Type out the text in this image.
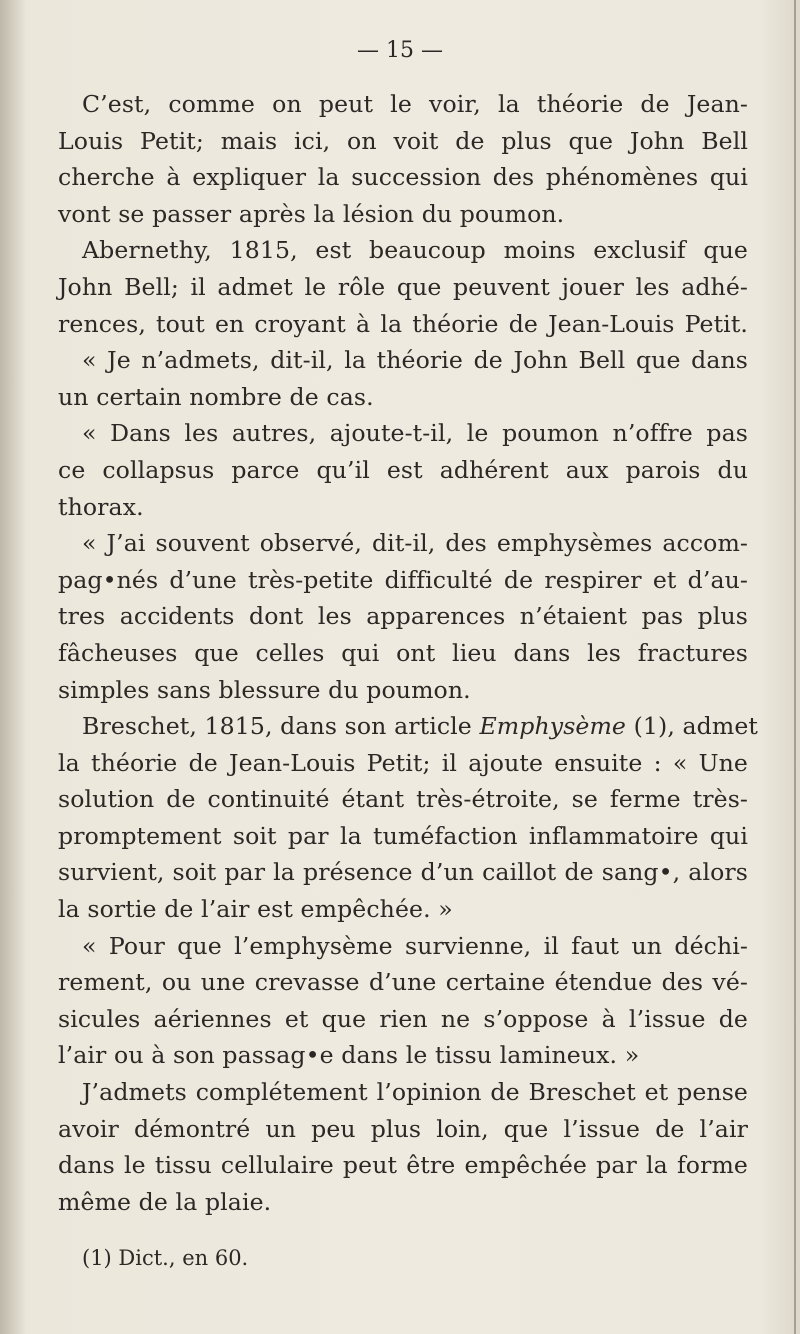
— 15 —
C’est, comme on peut le voir, la théorie de Jean-
Louis Petit; mais ici, on voit de plus que John Bell
cherche à expliquer la succession des phénomènes qui
vont se passer après la lésion du poumon.
Abernethy, 1815, est beaucoup moins exclusif que
John Bell; il admet le rôle que peuvent jouer les adhé-
rences, tout en croyant à la théorie de Jean-Louis Petit.
« Je n’admets, dit-il, la théorie de John Bell que dans
un certain nombre de cas.
« Dans les autres, ajoute-t-il, le poumon n’offre pas
ce collapsus parce qu’il est adhérent aux parois du
thorax.
« J’ai souvent observé, dit-il, des emphysèmes accom-
pag•nés d’une très-petite difficulté de respirer et d’au-
tres accidents dont les apparences n’étaient pas plus
fâcheuses que celles qui ont lieu dans les fractures
simples sans blessure du poumon.
Breschet, 1815, dans son article Emphysème (1), admet
la théorie de Jean-Louis Petit; il ajoute ensuite : « Une
solution de continuité étant très-étroite, se ferme très-
promptement soit par la tuméfaction inflammatoire qui
survient, soit par la présence d’un caillot de sang•, alors
la sortie de l’air est empêchée. »
« Pour que l’emphysème survienne, il faut un déchi-
rement, ou une crevasse d’une certaine étendue des vé-
sicules aériennes et que rien ne s’oppose à l’issue de
l’air ou à son passag•e dans le tissu lamineux. »
J’admets complétement l’opinion de Breschet et pense
avoir démontré un peu plus loin, que l’issue de l’air
dans le tissu cellulaire peut être empêchée par la forme
même de la plaie.
(1) Dict., en 60.
